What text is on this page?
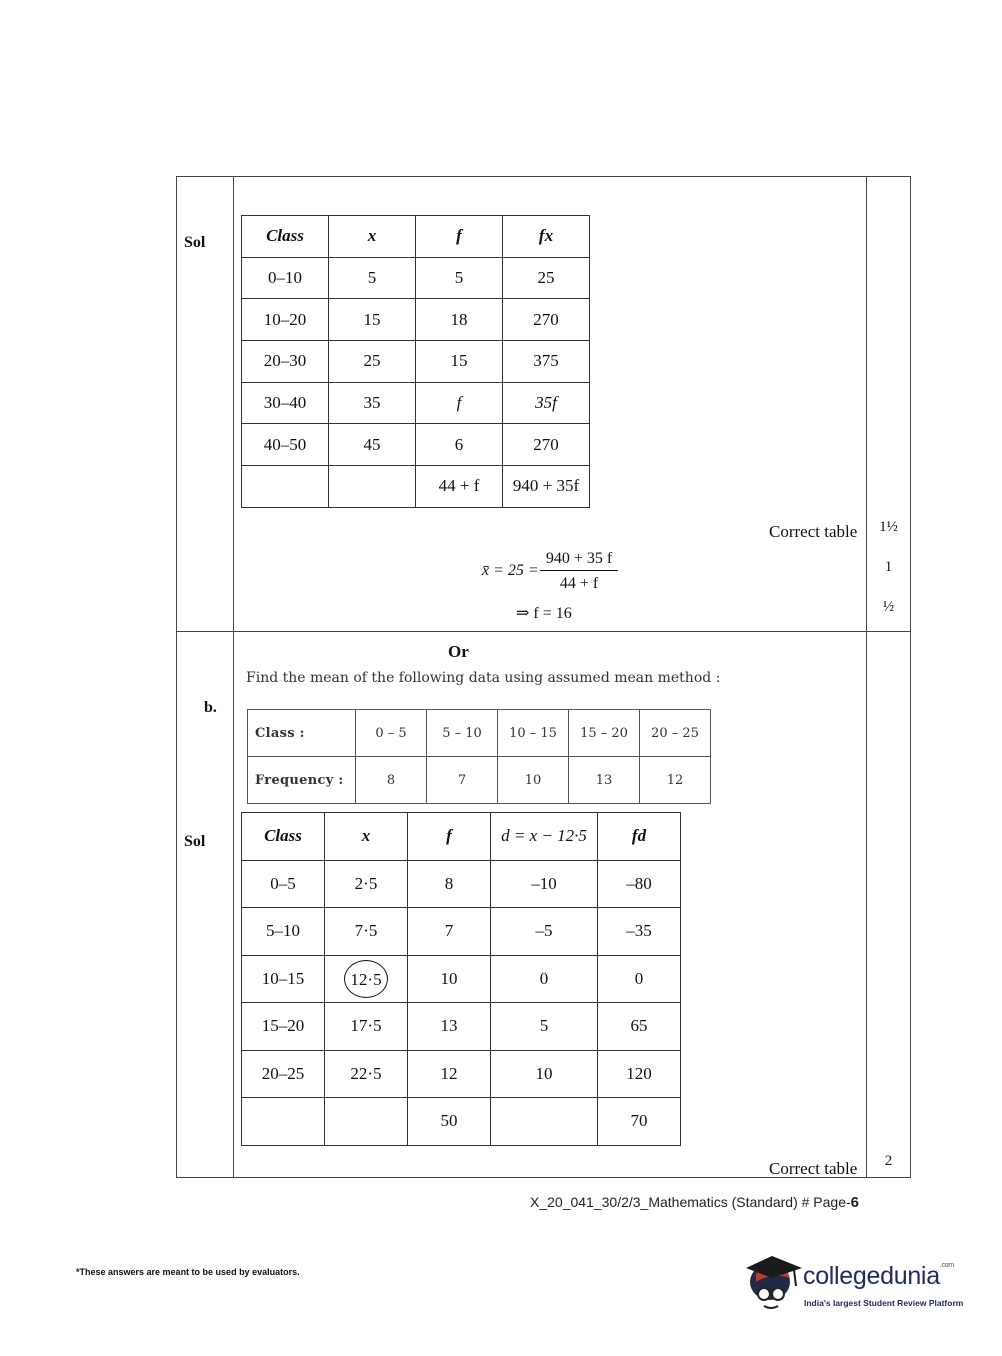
Sol	Class	x	f	fx
0–10	5	5	25
10–20	15	18	270
20–30	25	15	375
30–40	35	f	35f
40–50	45	6	270
		44 + f	940 + 35f
Correct table	1½
1
½
x̄ = 25 =
940 + 35 f
44 + f
⇒ f = 16
Or
b.
Find the mean of the following data using assumed mean method :
Class :	0 – 5	5 – 10	10 – 15	15 – 20	20 – 25
Frequency :	8	7	10	13	12
Sol	Class	x	f	d = x − 12·5	fd
0–5	2·5	8	–10	–80
5–10	7·5	7	–5	–35
10–15	12·5	10	0	0
15–20	17·5	13	5	65
20–25	22·5	12	10	120
		50		70
Correct table	2
X_20_041_30/2/3_Mathematics (Standard) # Page-6
*These answers are meant to be used by evaluators.	collegedunia$^{.com}$
India's largest Student Review Platform
